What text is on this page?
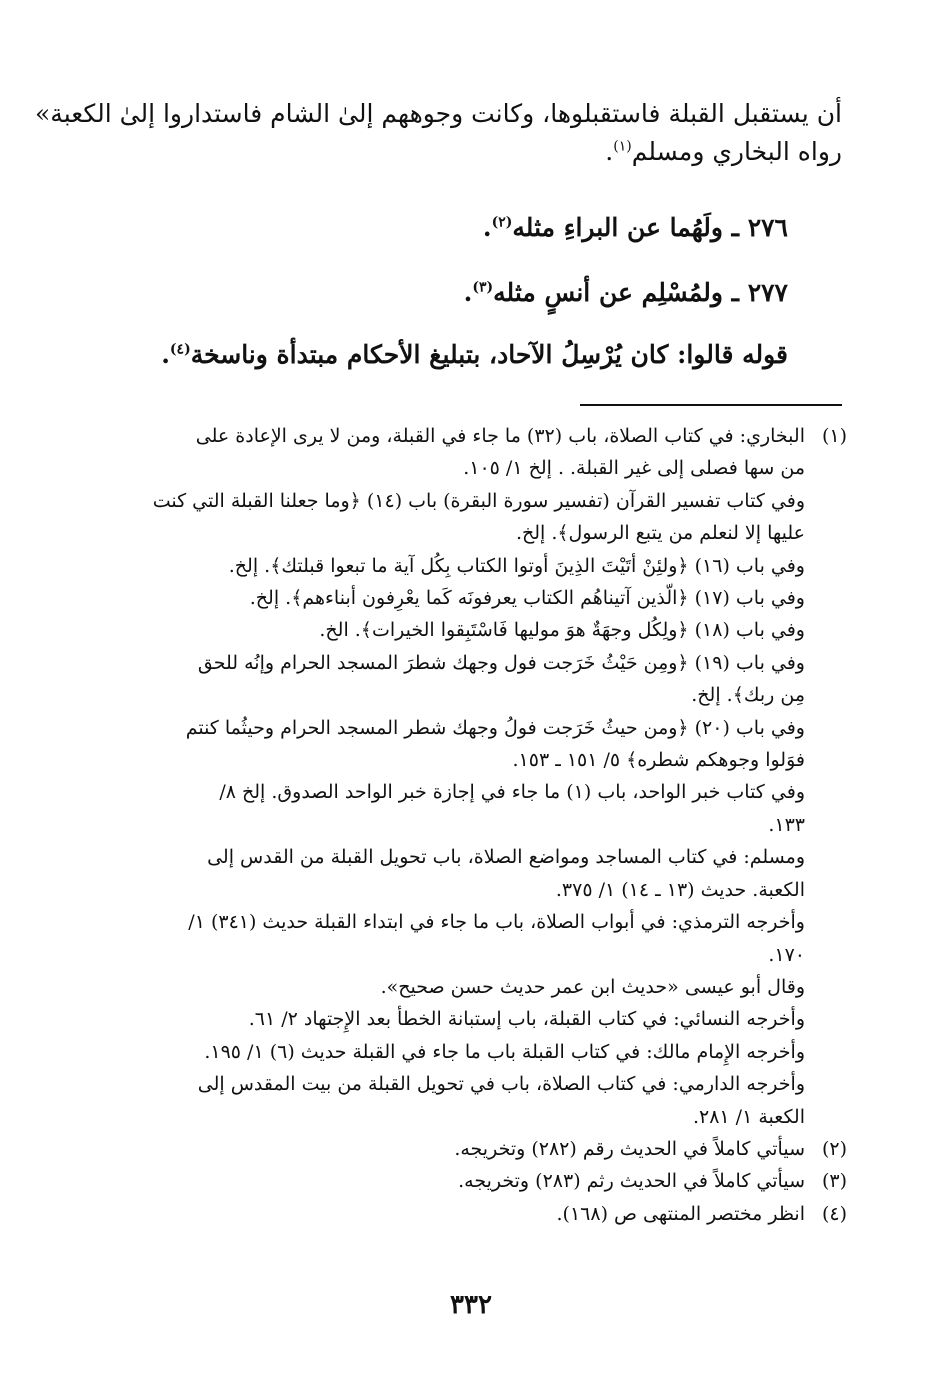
أن يستقبل القبلة فاستقبلوها، وكانت وجوههم إلىٰ الشام فاستداروا إلىٰ الكعبة»
رواه البخاري ومسلم$^{(١)}$.
٢٧٦ ـ ولَهُما عن البراءِ مثله$^{(٢)}$.
٢٧٧ ـ ولمُسْلِم عن أنسٍ مثله$^{(٣)}$.
قوله قالوا: كان يُرْسِلُ الآحاد، بتبليغ الأحكام مبتدأة وناسخة$^{(٤)}$.
(١)البخاري: في كتاب الصلاة، باب (٣٢) ما جاء في القبلة، ومن لا يرى الإعادة على
من سها فصلى إلى غير القبلة. . إلخ ١/ ١٠٥.
وفي كتاب تفسير القرآن (تفسير سورة البقرة) باب (١٤) ﴿وما جعلنا القبلة التي كنت
عليها إلا لنعلم من يتبع الرسول﴾. إلخ.
وفي باب (١٦) ﴿ولئِنْ أتَيْتَ الذِينَ أوتوا الكتاب بِكُل آية ما تبعوا قبلتك﴾. إلخ.
وفي باب (١٧) ﴿الّذين آتيناهُم الكتاب يعرفونَه كَما يعْرِفون أبناءهم﴾. إلخ.
وفي باب (١٨) ﴿ولِكُل وجهَةٌ هوَ موليها فَاسْتَبِقوا الخيرات﴾. الخ.
وفي باب (١٩) ﴿ومِن حَيْثُ خَرَجت فول وجهك شطرَ المسجد الحرام وإنُه للحق
مِن ربك﴾. إلخ.
وفي باب (٢٠) ﴿ومن حيثُ خَرَجت فولُ وجهك شطر المسجد الحرام وحيثُما كنتم
فوَلوا وجوهكم شطره﴾ ٥/ ١٥١ ـ ١٥٣.
وفي كتاب خبر الواحد، باب (١) ما جاء في إجازة خبر الواحد الصدوق. إلخ ٨/
١٣٣.
ومسلم: في كتاب المساجد ومواضع الصلاة، باب تحويل القبلة من القدس إلى
الكعبة. حديث (١٣ ـ ١٤) ١/ ٣٧٥.
وأخرجه الترمذي: في أبواب الصلاة، باب ما جاء في ابتداء القبلة حديث (٣٤١) ١/
١٧٠.
وقال أبو عيسى «حديث ابن عمر حديث حسن صحيح».
وأخرجه النسائي: في كتاب القبلة، باب إستبانة الخطأ بعد الإِجتهاد ٢/ ٦١.
وأخرجه الإِمام مالك: في كتاب القبلة باب ما جاء في القبلة حديث (٦) ١/ ١٩٥.
وأخرجه الدارمي: في كتاب الصلاة، باب في تحويل القبلة من بيت المقدس إلى
الكعبة ١/ ٢٨١.
(٢)سيأتي كاملاً في الحديث رقم (٢٨٢) وتخريجه.
(٣)سيأتي كاملاً في الحديث رثم (٢٨٣) وتخريجه.
(٤)انظر مختصر المنتهى ص (١٦٨).
٣٣٢
